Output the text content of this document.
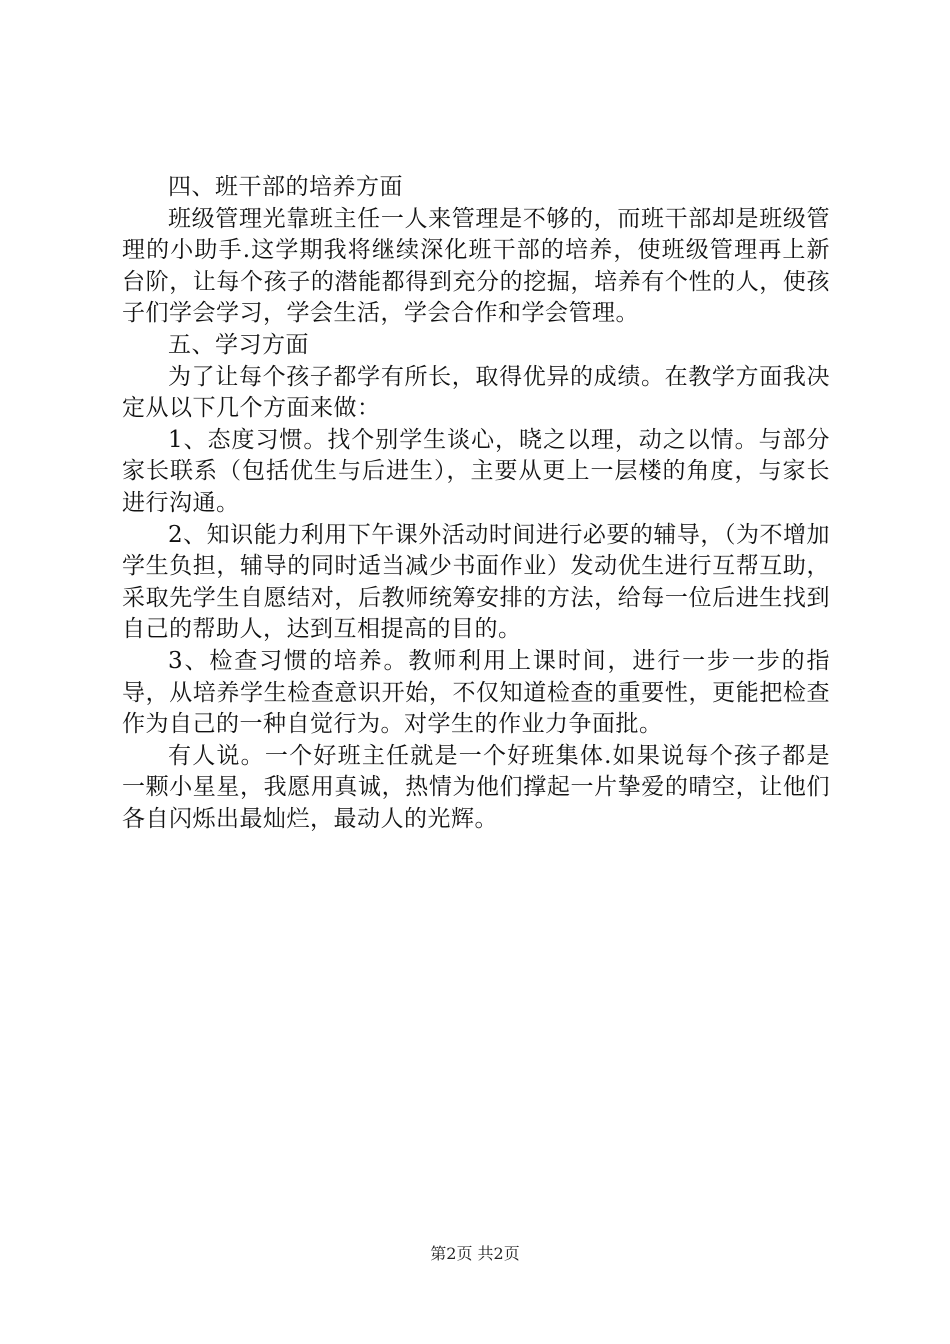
四、班干部的培养方面

班级管理光靠班主任一人来管理是不够的，而班干部却是班级管理的小助手.这学期我将继续深化班干部的培养，使班级管理再上新台阶，让每个孩子的潜能都得到充分的挖掘，培养有个性的人，使孩子们学会学习，学会生活，学会合作和学会管理。

五、学习方面

为了让每个孩子都学有所长，取得优异的成绩。在教学方面我决定从以下几个方面来做：

1、态度习惯。找个别学生谈心，晓之以理，动之以情。与部分家长联系（包括优生与后进生），主要从更上一层楼的角度，与家长进行沟通。

2、知识能力利用下午课外活动时间进行必要的辅导，（为不增加学生负担，辅导的同时适当减少书面作业）发动优生进行互帮互助，采取先学生自愿结对，后教师统筹安排的方法，给每一位后进生找到自己的帮助人，达到互相提高的目的。

3、检查习惯的培养。教师利用上课时间，进行一步一步的指导，从培养学生检查意识开始，不仅知道检查的重要性，更能把检查作为自己的一种自觉行为。对学生的作业力争面批。

有人说。一个好班主任就是一个好班集体.如果说每个孩子都是一颗小星星，我愿用真诚，热情为他们撑起一片挚爱的晴空，让他们各自闪烁出最灿烂，最动人的光辉。

第2页 共2页
